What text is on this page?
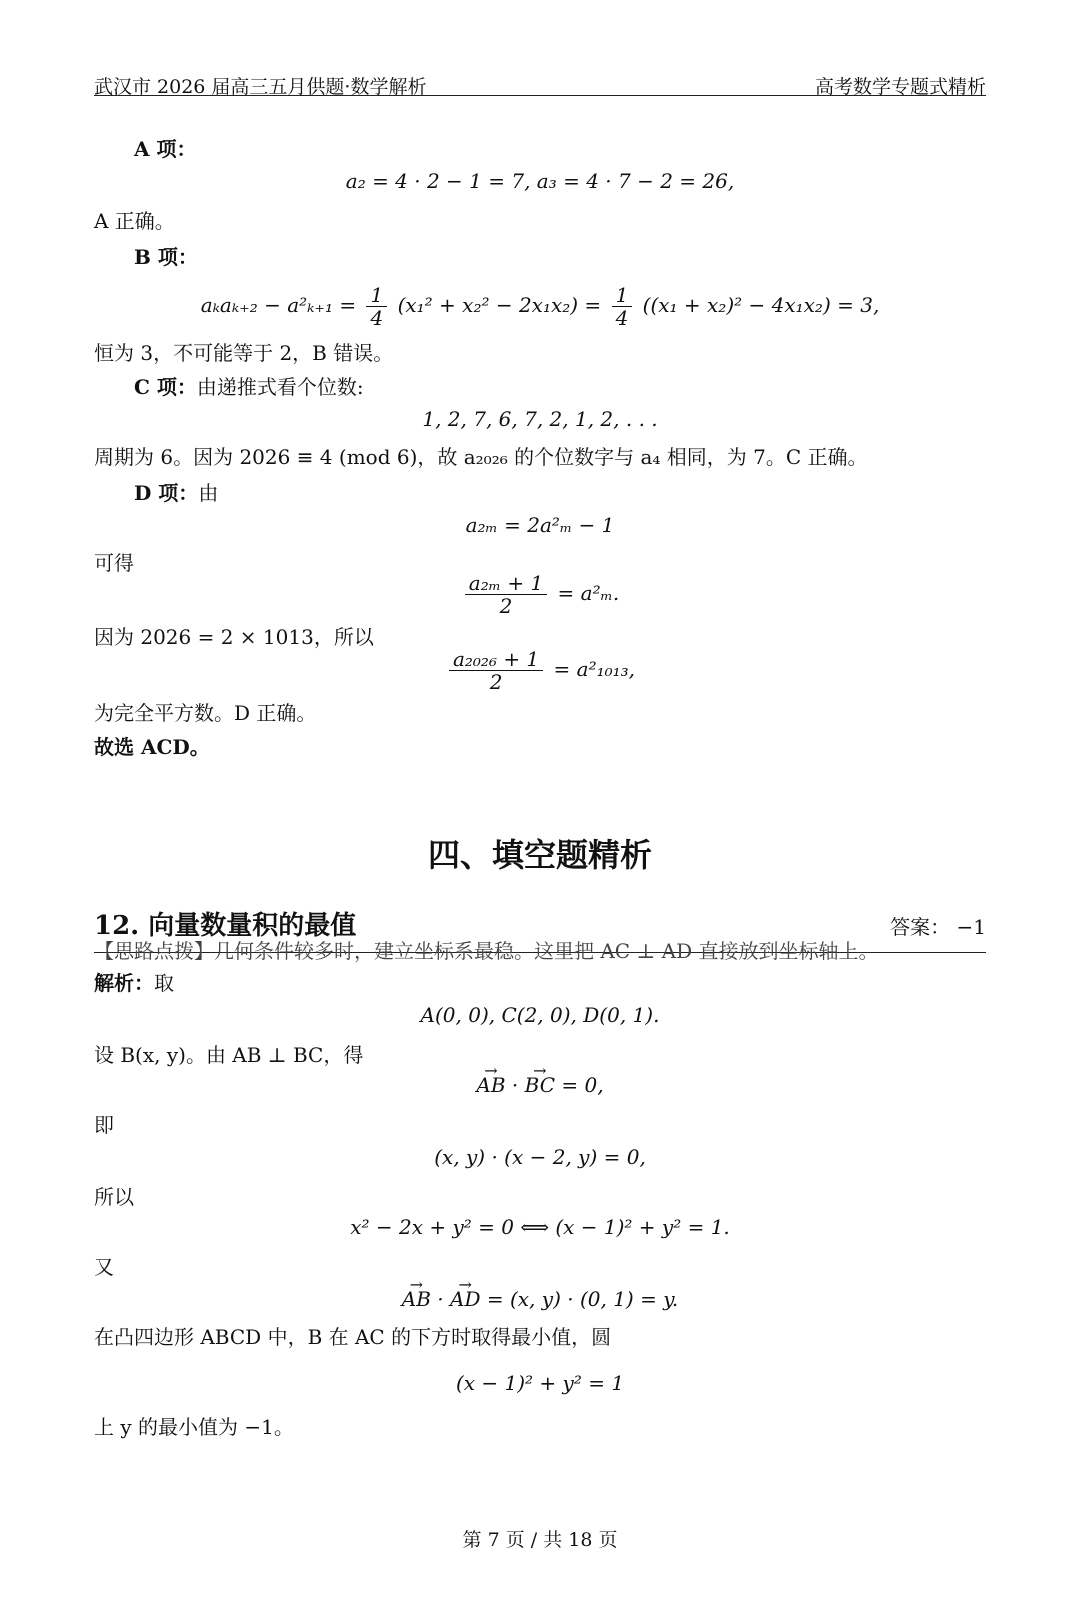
武汉市 2026 届高三五月供题·数学解析	高考数学专题式精析
A 项：
a₂ = 4 · 2 − 1 = 7, a₃ = 4 · 7 − 2 = 26,
A 正确。
B 项：
$a_ka_{k+2} - a^2_{k+1} = \frac{1}{4} (x_1^2 + x_2^2 - 2x_1x_2) = \frac{1}{4} ((x_1 + x_2)^2 - 4x_1x_2) = 3$,
恒为 3，不可能等于 2，B 错误。
C 项：由递推式看个位数:
1, 2, 7, 6, 7, 2, 1, 2, . . .
周期为 6。因为 2026 ≡ 4 (mod 6)，故 a₂₀₂₆ 的个位数字与 a₄ 相同，为 7。C 正确。
D 项：由
a₂ₘ = 2a²ₘ − 1
可得
$\frac{\text{a₂ₘ + 1}}{2} = a^2_m$.
因为 2026 = 2 × 1013，所以
$\frac{\text{a₂₀₂₆ + 1}}{2} = a^2_{1013}$,
为完全平方数。D 正确。
故选 ACD。
四、填空题精析
12. 向量数量积的最值	答案： −1
【思路点拨】几何条件较多时，建立坐标系最稳。这里把 AC ⊥ AD 直接放到坐标轴上。
解析：取
A(0, 0), C(2, 0), D(0, 1).
设 B(x, y)。由 AB ⊥ BC，得
→ AB · → BC = 0,
即
(x, y) · (x − 2, y) = 0,
所以
x² − 2x + y² = 0 ⟺ (x − 1)² + y² = 1.
又
→ AB · → AD = (x, y) · (0, 1) = y.
在凸四边形 ABCD 中，B 在 AC 的下方时取得最小值，圆
(x − 1)² + y² = 1
上 y 的最小值为 −1。
第 7 页 / 共 18 页
